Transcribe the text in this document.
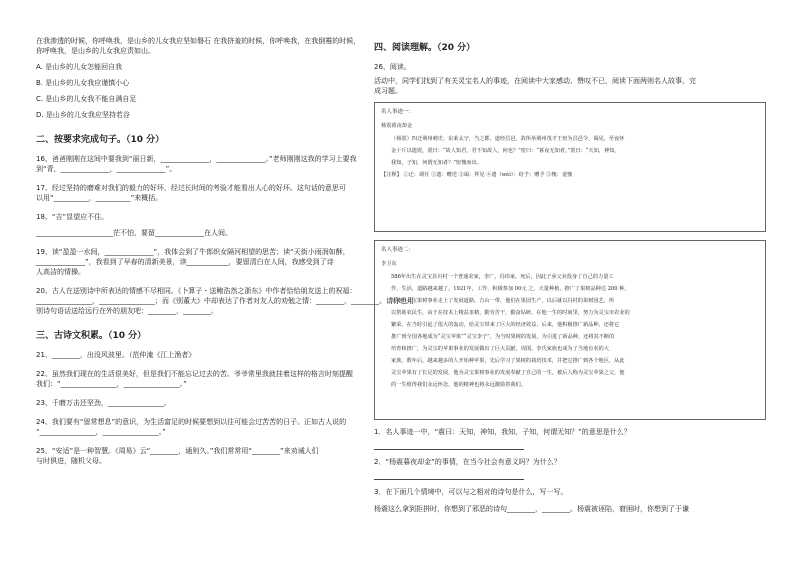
在我渗透的时候，你呼唤我，是山乡的儿女我应坚如磐石 在我挤羞的时候，你呼唤我，在我倒霉的时候，
你呼唤我，是山乡的儿女我应责如山。
A. 是山乡的儿女怎能回自我
B. 是山乡的儿女我应谨慎小心
C. 是山乡的儿女我不能自满自足
D. 是山乡的儿女我应坚持若谷
二、按要求完成句子。（10 分）
16、爸爸刚刚在这间中要我到“丽日新，______________，______________。”老师刚刚这我的学习上要我
到“青，______________，______________”。
17、经过坚持的磨难对我们的毅力的好坏，经过长时间的考验才能看出人心的好坏。这句话的意思可
以用“__________，__________”来概括。
18、“吉”显望应不住。
______________________茫不怕，要留______________在人间。
19、读“盈盈一水间，______________”，我体会到了牛郎织女隔河相望的思苦；读“天街小雨润如酥，
______________”，我看到了早春的清新美景，读____________，要留清白在人间，我感受到了诗
人高洁的情操。
20、古人在送别诗中所表达的情感不尽相同。《卜算子・送鲍浩然之浙东》中作者恰恰朋友送上的祝福：
________________，________________；而《别董大》中却表达了作者对友人的劝勉之情：________，________。请你也用
别诗句语话送给远行在外的朋友吧：________，________。
三、古诗文积累。（10 分）
21、________，出没风波里。（范仲淹《江上渔者》
22、虽然我们现在的生活很美好，但是我们不能忘记过去的苦。爷爷常里我就挂着这样的格言时刻提醒
我们：“________________，________________。”
23、千磨万击还坚劲，________________。
24、我们要有“留常想息”的意识，为生活富足的时候要想到以往可能会过苦苦的日子。正如古人说的
“________________，________________。”
25、“安适”是一种智慧。《周易》云“________，通则久。”我们常常用“________”来劝诫人们
与时俱进，随机父母。
四、阅读理解。（20 分）
26、阅读。
活动中，同学们找到了有关灵宝名人的事迹，在阅读中大家感动、赞叹不已，阅读下面两则名人故事，完
成习题。
名人事迹一：
杨震暮夜却金

（杨震）四迁荆州刺史、东莱太守，当之郡，道经昌邑，故所举荆州茂才王密为昌邑令，谒见，至夜怀

金十斤以遗震，震曰：“故人知君，君不知故人，何也？”密曰：“暮夜无知者。”震曰：“天知，神知，

我知，子知，何谓无知者？”密愧而出。

【注释】 ①迁：调任 ②遗：赠送 ③谒：拜见 ④遗（wèi）：给予；赠予 ⑤愧：羞愧

名人事迹二：
李卫东

586年出生在灵宝县川村一个普通农家，李广，冯玮家，死后，因此子承父业投身了自己的力量工

作，生活，道路越来越了，1921年，工作，积极参加 00元 之，大量种植，推广了果树品种达 200 种，

这使得灵宝果树事业走上了发展道路。吉山一带，他们在果园生产，以后就以冯村的果树园艺，所

以帮助农民生，由于在技术上精益求精，勤劳苦干，勤奋钻研，在他一生的时间里，努力为灵宝市农业的

繁荣，在当时引起了很大的轰动，给灵宝带来了巨大的经济效益，后来，他积极推广新品种，还将它

推广到全国各地成为“灵宝苹果”“灵宝李子”，为当时果树的发展，为引进了新品种，还将其不断的

培育和推广，为灵宝的苹果事业的发展做出了巨大贡献，周围，李氏家族也成为了当地有名的大

家族。数年后，越来越多的人开始种苹果，先后学习了果树的栽培技术，并把它推广到各个地区，从此

灵宝苹果有了长足的发展，他为灵宝果树事业的发展奉献了自己的一生，被后人称为灵宝苹果之父，他

的一生值得我们永远怀念，他的精神也将永远激励着我们。

1．名人事迹一中，“震曰：天知，神知，我知，子知，何谓无知？”的意思是什么？
2．“杨震暮夜却金”的事情，在当今社会有意义吗？为什么？
3．在下面几个情境中，可以与之相对的诗句是什么，写一写。
杨震这么拿到拒拼时，你想到了邪恶的诗句________，________。杨震被诬陷，窘困时，你想到了于谦
